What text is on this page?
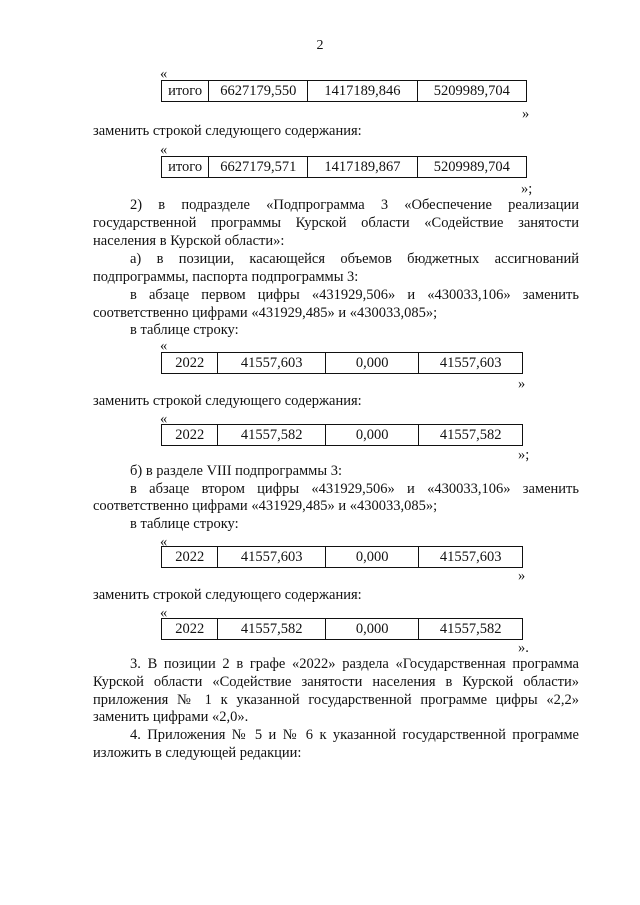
2
«
итого	6627179,550	1417189,846	5209989,704
»
заменить строкой следующего содержания:
«
итого	6627179,571	1417189,867	5209989,704
»;
2) в подразделе «Подпрограмма 3 «Обеспечение реализации
государственной программы Курской области «Содействие занятости
населения в Курской области»:
а) в позиции, касающейся объемов бюджетных ассигнований
подпрограммы, паспорта подпрограммы 3:
в абзаце первом цифры «431929,506» и «430033,106» заменить
соответственно цифрами «431929,485» и «430033,085»;
в таблице строку:
«
2022	41557,603	0,000	41557,603
»
заменить строкой следующего содержания:
«
2022	41557,582	0,000	41557,582
»;
б) в разделе VIII подпрограммы 3:
в абзаце втором цифры «431929,506» и «430033,106» заменить
соответственно цифрами «431929,485» и «430033,085»;
в таблице строку:
«
2022	41557,603	0,000	41557,603
»
заменить строкой следующего содержания:
«
2022	41557,582	0,000	41557,582
».
3. В позиции 2 в графе «2022» раздела «Государственная программа
Курской области «Содействие занятости населения в Курской области»
приложения № 1 к указанной государственной программе цифры «2,2»
заменить цифрами «2,0».
4. Приложения № 5 и № 6 к указанной государственной программе
изложить в следующей редакции:
